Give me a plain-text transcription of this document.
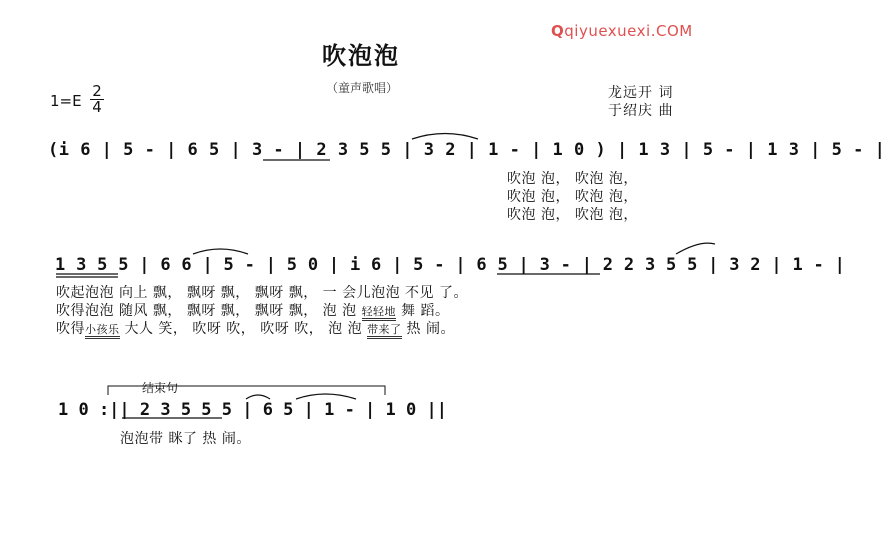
Qqiyuexuexi.COM
吹泡泡
（童声歌唱）
1=E
2
4
龙远开 词
于绍庆 曲
(i 6 | 5 - | 6 5 | 3 - | 2 3 5 5 | 3 2 | 1 - | 1 0 ) | 1 3 | 5 - | 1 3 | 5 - |
吹泡 泡， 吹泡 泡，
吹泡 泡， 吹泡 泡，
吹泡 泡， 吹泡 泡，
1 3 5 5 | 6 6 | 5 - | 5 0 | i 6 | 5 - | 6 5 | 3 - | 2 2 3 5 5 | 3 2 | 1 - |
吹起泡泡 向上 飘， 飘呀 飘， 飘呀 飘， 一 会儿泡泡 不见 了。
吹得泡泡 随风 飘， 飘呀 飘， 飘呀 飘， 泡 泡 轻轻地 舞 蹈。
吹得小孩乐 大人 笑， 吹呀 吹， 吹呀 吹， 泡 泡 带来了 热 闹。
结束句
1 0 :|| 2 3 5 5 5 | 6 5 | 1 - | 1 0 ||
泡泡带 眯了 热 闹。
